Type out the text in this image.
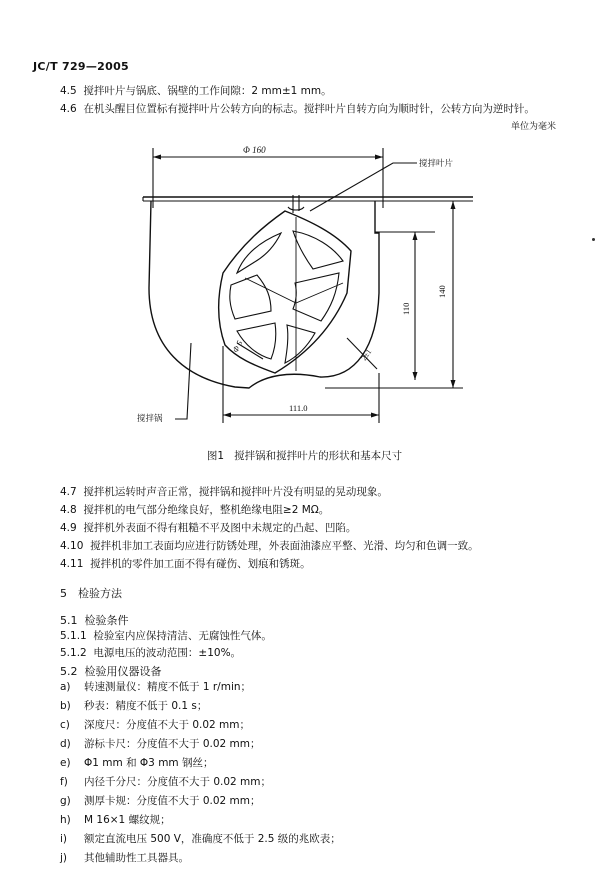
JC/T 729—2005
4.5 搅拌叶片与锅底、锅壁的工作间隙：2 mm±1 mm。
4.6 在机头醒目位置标有搅拌叶片公转方向的标志。搅拌叶片自转方向为顺时针，公转方向为逆时针。
单位为毫米
Φ 160
140
110
111.0
Φ 5
2±1
搅拌叶片
搅拌锅
图1 搅拌锅和搅拌叶片的形状和基本尺寸
4.7 搅拌机运转时声音正常，搅拌锅和搅拌叶片没有明显的晃动现象。
4.8 搅拌机的电气部分绝缘良好，整机绝缘电阻≥2 MΩ。
4.9 搅拌机外表面不得有粗糙不平及图中未规定的凸起、凹陷。
4.10 搅拌机非加工表面均应进行防锈处理，外表面油漆应平整、光滑、均匀和色调一致。
4.11 搅拌机的零件加工面不得有碰伤、划痕和锈斑。
5　检验方法
5.1 检验条件
5.1.1 检验室内应保持清洁、无腐蚀性气体。
5.1.2 电源电压的波动范围：±10%。
5.2 检验用仪器设备
a) 转速测量仪：精度不低于 1 r/min；
b) 秒表：精度不低于 0.1 s；
c) 深度尺：分度值不大于 0.02 mm；
d) 游标卡尺：分度值不大于 0.02 mm；
e) Φ1 mm 和 Φ3 mm 钢丝；
f) 内径千分尺：分度值不大于 0.02 mm；
g) 测厚卡规：分度值不大于 0.02 mm；
h) M 16×1 螺纹规；
i) 额定直流电压 500 V，准确度不低于 2.5 级的兆欧表；
j) 其他辅助性工具器具。
